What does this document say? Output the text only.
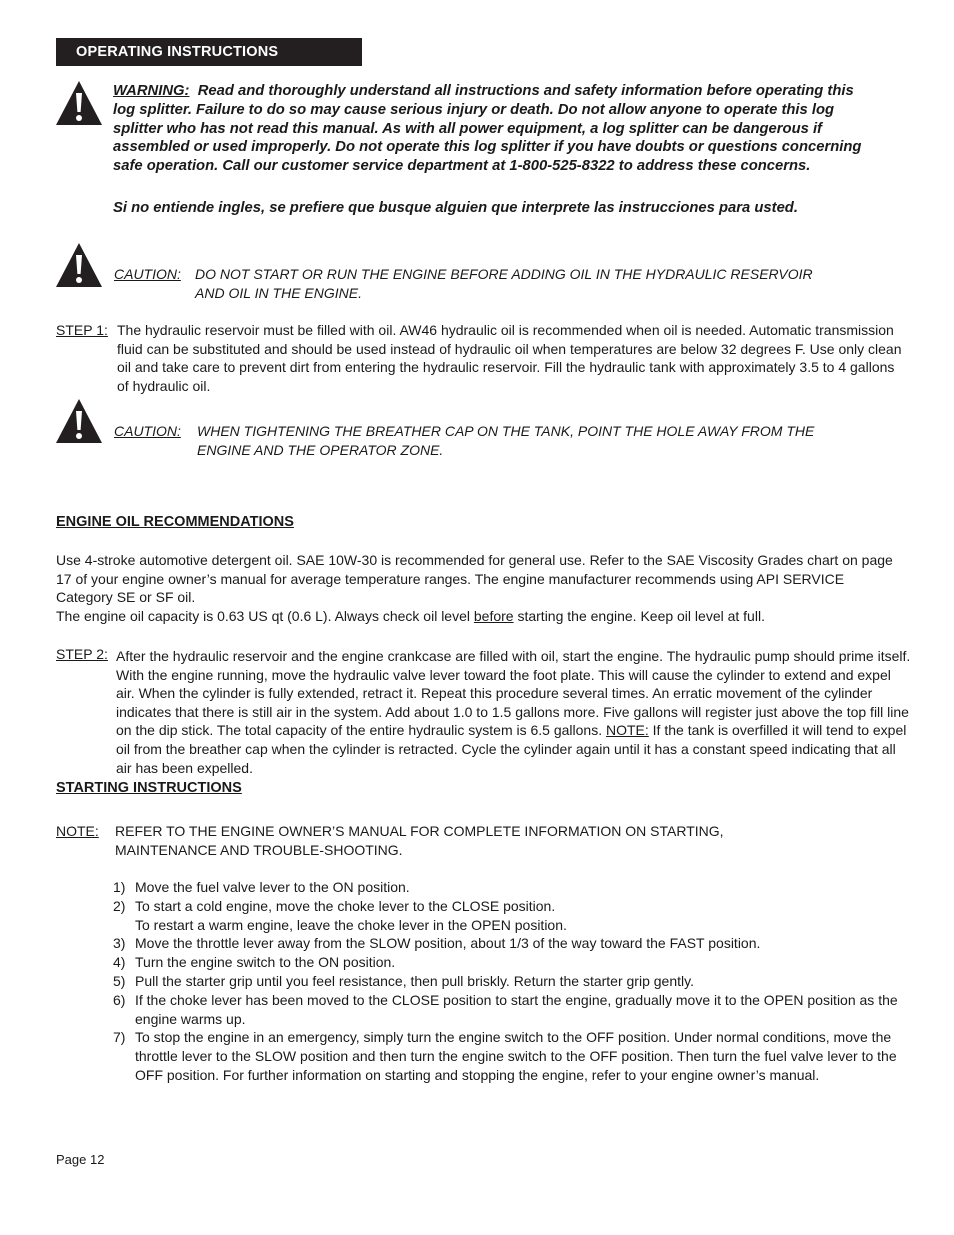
OPERATING INSTRUCTIONS
WARNING: Read and thoroughly understand all instructions and safety information before operating this log splitter. Failure to do so may cause serious injury or death. Do not allow anyone to operate this log splitter who has not read this manual. As with all power equipment, a log splitter can be dangerous if assembled or used improperly. Do not operate this log splitter if you have doubts or questions concerning safe operation. Call our customer service department at 1-800-525-8322 to address these concerns.
Si no entiende ingles, se prefiere que busque alguien que interprete las instrucciones para usted.
CAUTION: DO NOT START OR RUN THE ENGINE BEFORE ADDING OIL IN THE HYDRAULIC RESERVOIR AND OIL IN THE ENGINE.
STEP 1: The hydraulic reservoir must be filled with oil. AW46 hydraulic oil is recommended when oil is needed. Automatic transmission fluid can be substituted and should be used instead of hydraulic oil when temperatures are below 32 degrees F. Use only clean oil and take care to prevent dirt from entering the hydraulic reservoir. Fill the hydraulic tank with approximately 3.5 to 4 gallons of hydraulic oil.
CAUTION: WHEN TIGHTENING THE BREATHER CAP ON THE TANK, POINT THE HOLE AWAY FROM THE ENGINE AND THE OPERATOR ZONE.
ENGINE OIL RECOMMENDATIONS
Use 4-stroke automotive detergent oil. SAE 10W-30 is recommended for general use. Refer to the SAE Viscosity Grades chart on page 17 of your engine owner’s manual for average temperature ranges. The engine manufacturer recommends using API SERVICE Category SE or SF oil.
The engine oil capacity is 0.63 US qt (0.6 L). Always check oil level before starting the engine. Keep oil level at full.
STEP 2: After the hydraulic reservoir and the engine crankcase are filled with oil, start the engine. The hydraulic pump should prime itself. With the engine running, move the hydraulic valve lever toward the foot plate. This will cause the cylinder to extend and expel air. When the cylinder is fully extended, retract it. Repeat this procedure several times. An erratic movement of the cylinder indicates that there is still air in the system. Add about 1.0 to 1.5 gallons more. Five gallons will register just above the top fill line on the dip stick. The total capacity of the entire hydraulic system is 6.5 gallons. NOTE: If the tank is overfilled it will tend to expel oil from the breather cap when the cylinder is retracted. Cycle the cylinder again until it has a constant speed indicating that all air has been expelled.
STARTING INSTRUCTIONS
NOTE: REFER TO THE ENGINE OWNER’S MANUAL FOR COMPLETE INFORMATION ON STARTING, MAINTENANCE AND TROUBLE-SHOOTING.
1) Move the fuel valve lever to the ON position.
2) To start a cold engine, move the choke lever to the CLOSE position.
To restart a warm engine, leave the choke lever in the OPEN position.
3) Move the throttle lever away from the SLOW position, about 1/3 of the way toward the FAST position.
4) Turn the engine switch to the ON position.
5) Pull the starter grip until you feel resistance, then pull briskly. Return the starter grip gently.
6) If the choke lever has been moved to the CLOSE position to start the engine, gradually move it to the OPEN position as the engine warms up.
7) To stop the engine in an emergency, simply turn the engine switch to the OFF position. Under normal conditions, move the throttle lever to the SLOW position and then turn the engine switch to the OFF position. Then turn the fuel valve lever to the OFF position. For further information on starting and stopping the engine, refer to your engine owner’s manual.
Page 12
